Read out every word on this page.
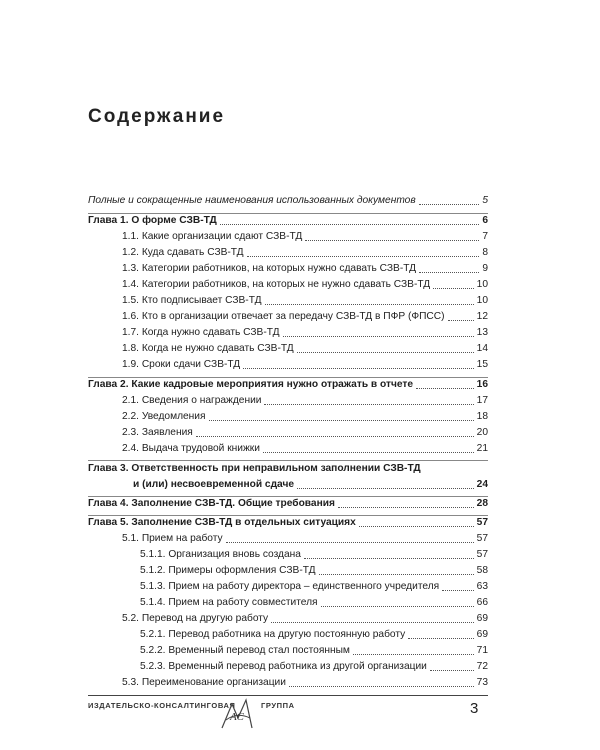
Содержание
Полные и сокращенные наименования использованных документов	5
Глава 1. О форме СЗВ-ТД	6
1.1. Какие организации сдают СЗВ-ТД	7
1.2. Куда сдавать СЗВ-ТД	8
1.3. Категории работников, на которых нужно сдавать СЗВ-ТД	9
1.4. Категории работников, на которых не нужно сдавать СЗВ-ТД	10
1.5. Кто подписывает СЗВ-ТД	10
1.6. Кто в организации отвечает за передачу СЗВ-ТД в ПФР (ФПСС)	12
1.7. Когда нужно сдавать СЗВ-ТД	13
1.8. Когда не нужно сдавать СЗВ-ТД	14
1.9. Сроки сдачи СЗВ-ТД	15
Глава 2. Какие кадровые мероприятия нужно отражать в отчете	16
2.1. Сведения о награждении	17
2.2. Уведомления	18
2.3. Заявления	20
2.4. Выдача трудовой книжки	21
Глава 3. Ответственность при неправильном заполнении СЗВ-ТД
и (или) несвоевременной сдаче	24
Глава 4. Заполнение СЗВ-ТД. Общие требования	28
Глава 5. Заполнение СЗВ-ТД в отдельных ситуациях	57
5.1. Прием на работу	57
5.1.1. Организация вновь создана	57
5.1.2. Примеры оформления СЗВ-ТД	58
5.1.3. Прием на работу директора – единственного учредителя	63
5.1.4. Прием на работу совместителя	66
5.2. Перевод на другую работу	69
5.2.1. Перевод работника на другую постоянную работу	69
5.2.2. Временный перевод стал постоянным	71
5.2.3. Временный перевод работника из другой организации	72
5.3. Переименование организации	73
ИЗДАТЕЛЬСКО-КОНСАЛТИНГОВАЯ
АС
ГРУППА	3
